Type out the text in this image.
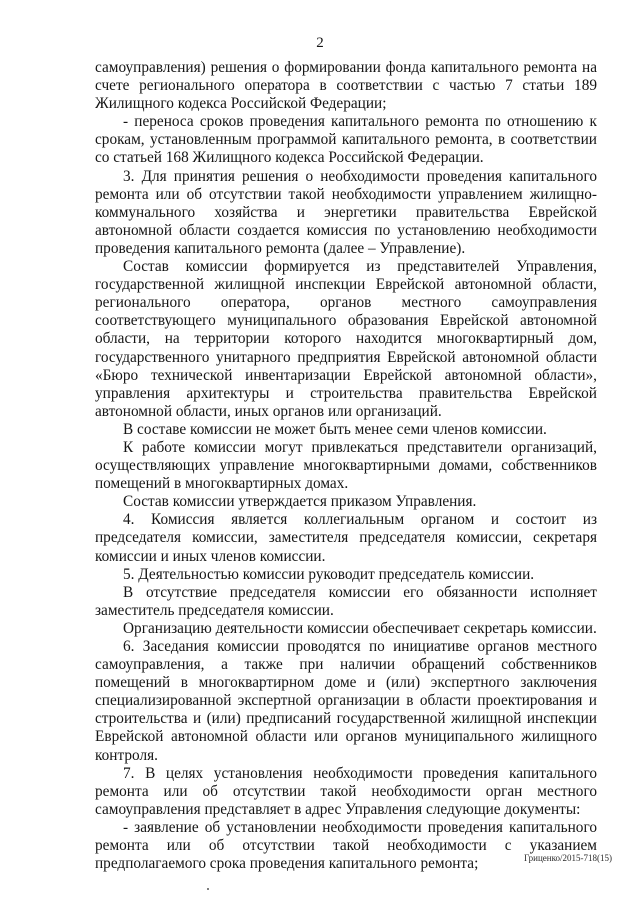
2

самоуправления) решения о формировании фонда капитального ремонта на счете регионального оператора в соответствии с частью 7 статьи 189 Жилищного кодекса Российской Федерации;

- переноса сроков проведения капитального ремонта по отношению к срокам, установленным программой капитального ремонта, в соответствии со статьей 168 Жилищного кодекса Российской Федерации.

3. Для принятия решения о необходимости проведения капитального ремонта или об отсутствии такой необходимости управлением жилищно-коммунального хозяйства и энергетики правительства Еврейской автономной области создается комиссия по установлению необходимости проведения капитального ремонта (далее – Управление).

Состав комиссии формируется из представителей Управления, государственной жилищной инспекции Еврейской автономной области, регионального оператора, органов местного самоуправления соответствующего муниципального образования Еврейской автономной области, на территории которого находится многоквартирный дом, государственного унитарного предприятия Еврейской автономной области «Бюро технической инвентаризации Еврейской автономной области», управления архитектуры и строительства правительства Еврейской автономной области, иных органов или организаций.

В составе комиссии не может быть менее семи членов комиссии.

К работе комиссии могут привлекаться представители организаций, осуществляющих управление многоквартирными домами, собственников помещений в многоквартирных домах.

Состав комиссии утверждается приказом Управления.

4. Комиссия является коллегиальным органом и состоит из председателя комиссии, заместителя председателя комиссии, секретаря комиссии и иных членов комиссии.

5. Деятельностью комиссии руководит председатель комиссии.

В отсутствие председателя комиссии его обязанности исполняет заместитель председателя комиссии.

Организацию деятельности комиссии обеспечивает секретарь комиссии.

6. Заседания комиссии проводятся по инициативе органов местного самоуправления, а также при наличии обращений собственников помещений в многоквартирном доме и (или) экспертного заключения специализированной экспертной организации в области проектирования и строительства и (или) предписаний государственной жилищной инспекции Еврейской автономной области или органов муниципального жилищного контроля.

7. В целях установления необходимости проведения капитального ремонта или об отсутствии такой необходимости орган местного самоуправления представляет в адрес Управления следующие документы:

- заявление об установлении необходимости проведения капитального ремонта или об отсутствии такой необходимости с указанием предполагаемого срока проведения капитального ремонта;	Гриценко/2015-718(15)
